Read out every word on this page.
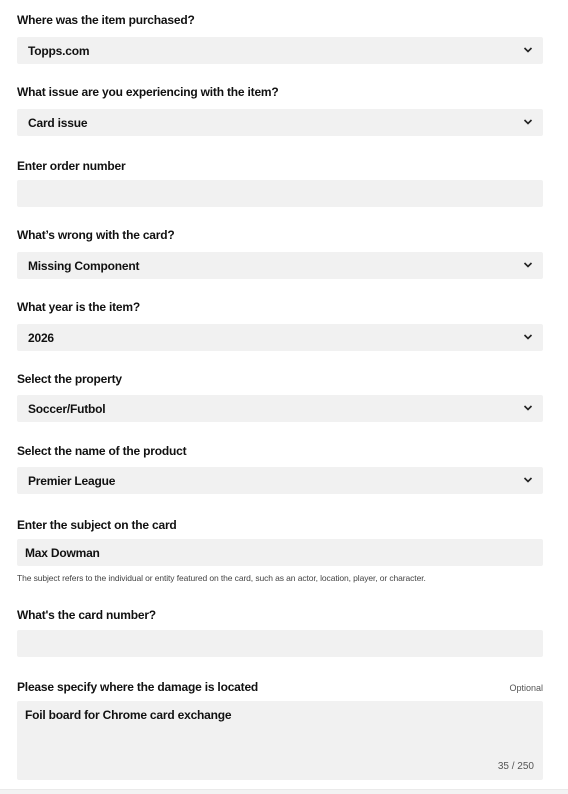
Where was the item purchased?
Topps.com
What issue are you experiencing with the item?
Card issue
Enter order number
What’s wrong with the card?
Missing Component
What year is the item?
2026
Select the property
Soccer/Futbol
Select the name of the product
Premier League
Enter the subject on the card
Max Dowman
The subject refers to the individual or entity featured on the card, such as an actor, location, player, or character.
What's the card number?
Please specify where the damage is located	Optional
Foil board for Chrome card exchange
35 / 250
